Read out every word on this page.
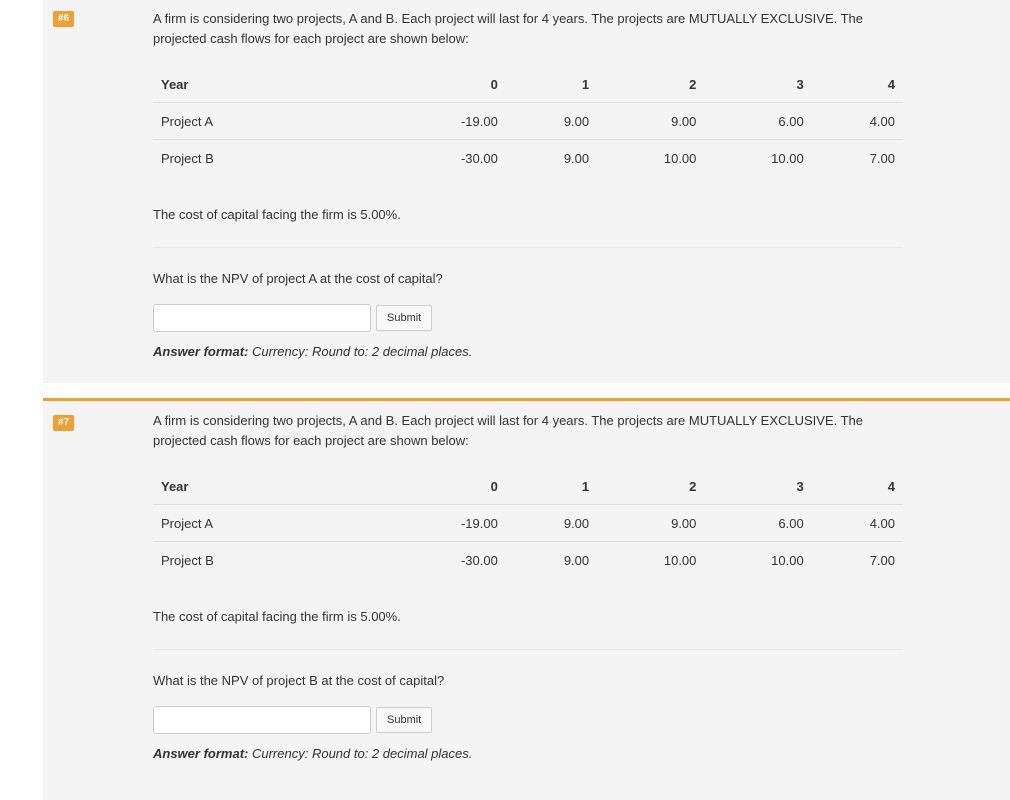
#6	A firm is considering two projects, A and B. Each project will last for 4 years. The projects are MUTUALLY EXCLUSIVE. The projected cash flows for each project are shown below:

Year	0	1	2	3	4
Project A	-19.00	9.00	9.00	6.00	4.00
Project B	-30.00	9.00	10.00	10.00	7.00

The cost of capital facing the firm is 5.00%.

What is the NPV of project A at the cost of capital?

Submit

Answer format: Currency: Round to: 2 decimal places.

#7	A firm is considering two projects, A and B. Each project will last for 4 years. The projects are MUTUALLY EXCLUSIVE. The projected cash flows for each project are shown below:

Year	0	1	2	3	4
Project A	-19.00	9.00	9.00	6.00	4.00
Project B	-30.00	9.00	10.00	10.00	7.00

The cost of capital facing the firm is 5.00%.

What is the NPV of project B at the cost of capital?

Submit

Answer format: Currency: Round to: 2 decimal places.
